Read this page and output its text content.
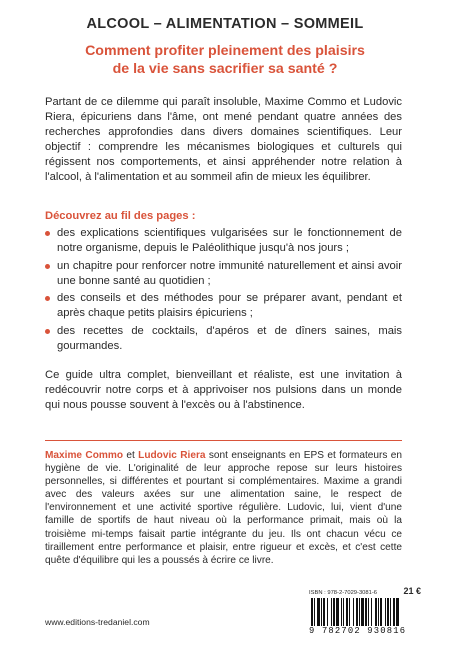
ALCOOL – ALIMENTATION – SOMMEIL
Comment profiter pleinement des plaisirs
de la vie sans sacrifier sa santé ?

Partant de ce dilemme qui paraît insoluble, Maxime Commo et Ludovic Riera, épicuriens dans l'âme, ont mené pendant quatre années des recherches approfondies dans divers domaines scientifiques. Leur objectif : comprendre les mécanismes biologiques et culturels qui régissent nos comportements, et ainsi appréhender notre relation à l'alcool, à l'alimentation et au sommeil afin de mieux les équilibrer.

Découvrez au fil des pages :
des explications scientifiques vulgarisées sur le fonctionnement de notre organisme, depuis le Paléolithique jusqu'à nos jours ;
un chapitre pour renforcer notre immunité naturellement et ainsi avoir une bonne santé au quotidien ;
des conseils et des méthodes pour se préparer avant, pendant et après chaque petits plaisirs épicuriens ;
des recettes de cocktails, d'apéros et de dîners saines, mais gourmandes.

Ce guide ultra complet, bienveillant et réaliste, est une invitation à redécouvrir notre corps et à apprivoiser nos pulsions dans un monde qui nous pousse souvent à l'excès ou à l'abstinence.

Maxime Commo et Ludovic Riera sont enseignants en EPS et formateurs en hygiène de vie. L'originalité de leur approche repose sur leurs histoires personnelles, si différentes et pourtant si complémentaires. Maxime a grandi avec des valeurs axées sur une alimentation saine, le respect de l'environnement et une activité sportive régulière. Ludovic, lui, vient d'une famille de sportifs de haut niveau où la performance primait, mais où la troisième mi-temps faisait partie intégrante du jeu. Ils ont chacun vécu ce tiraillement entre performance et plaisir, entre rigueur et excès, et c'est cette quête d'équilibre qui les a poussés à écrire ce livre.

www.editions-tredaniel.com
ISBN : 978-2-7029-3081-6	21 €
9 782702 930816
